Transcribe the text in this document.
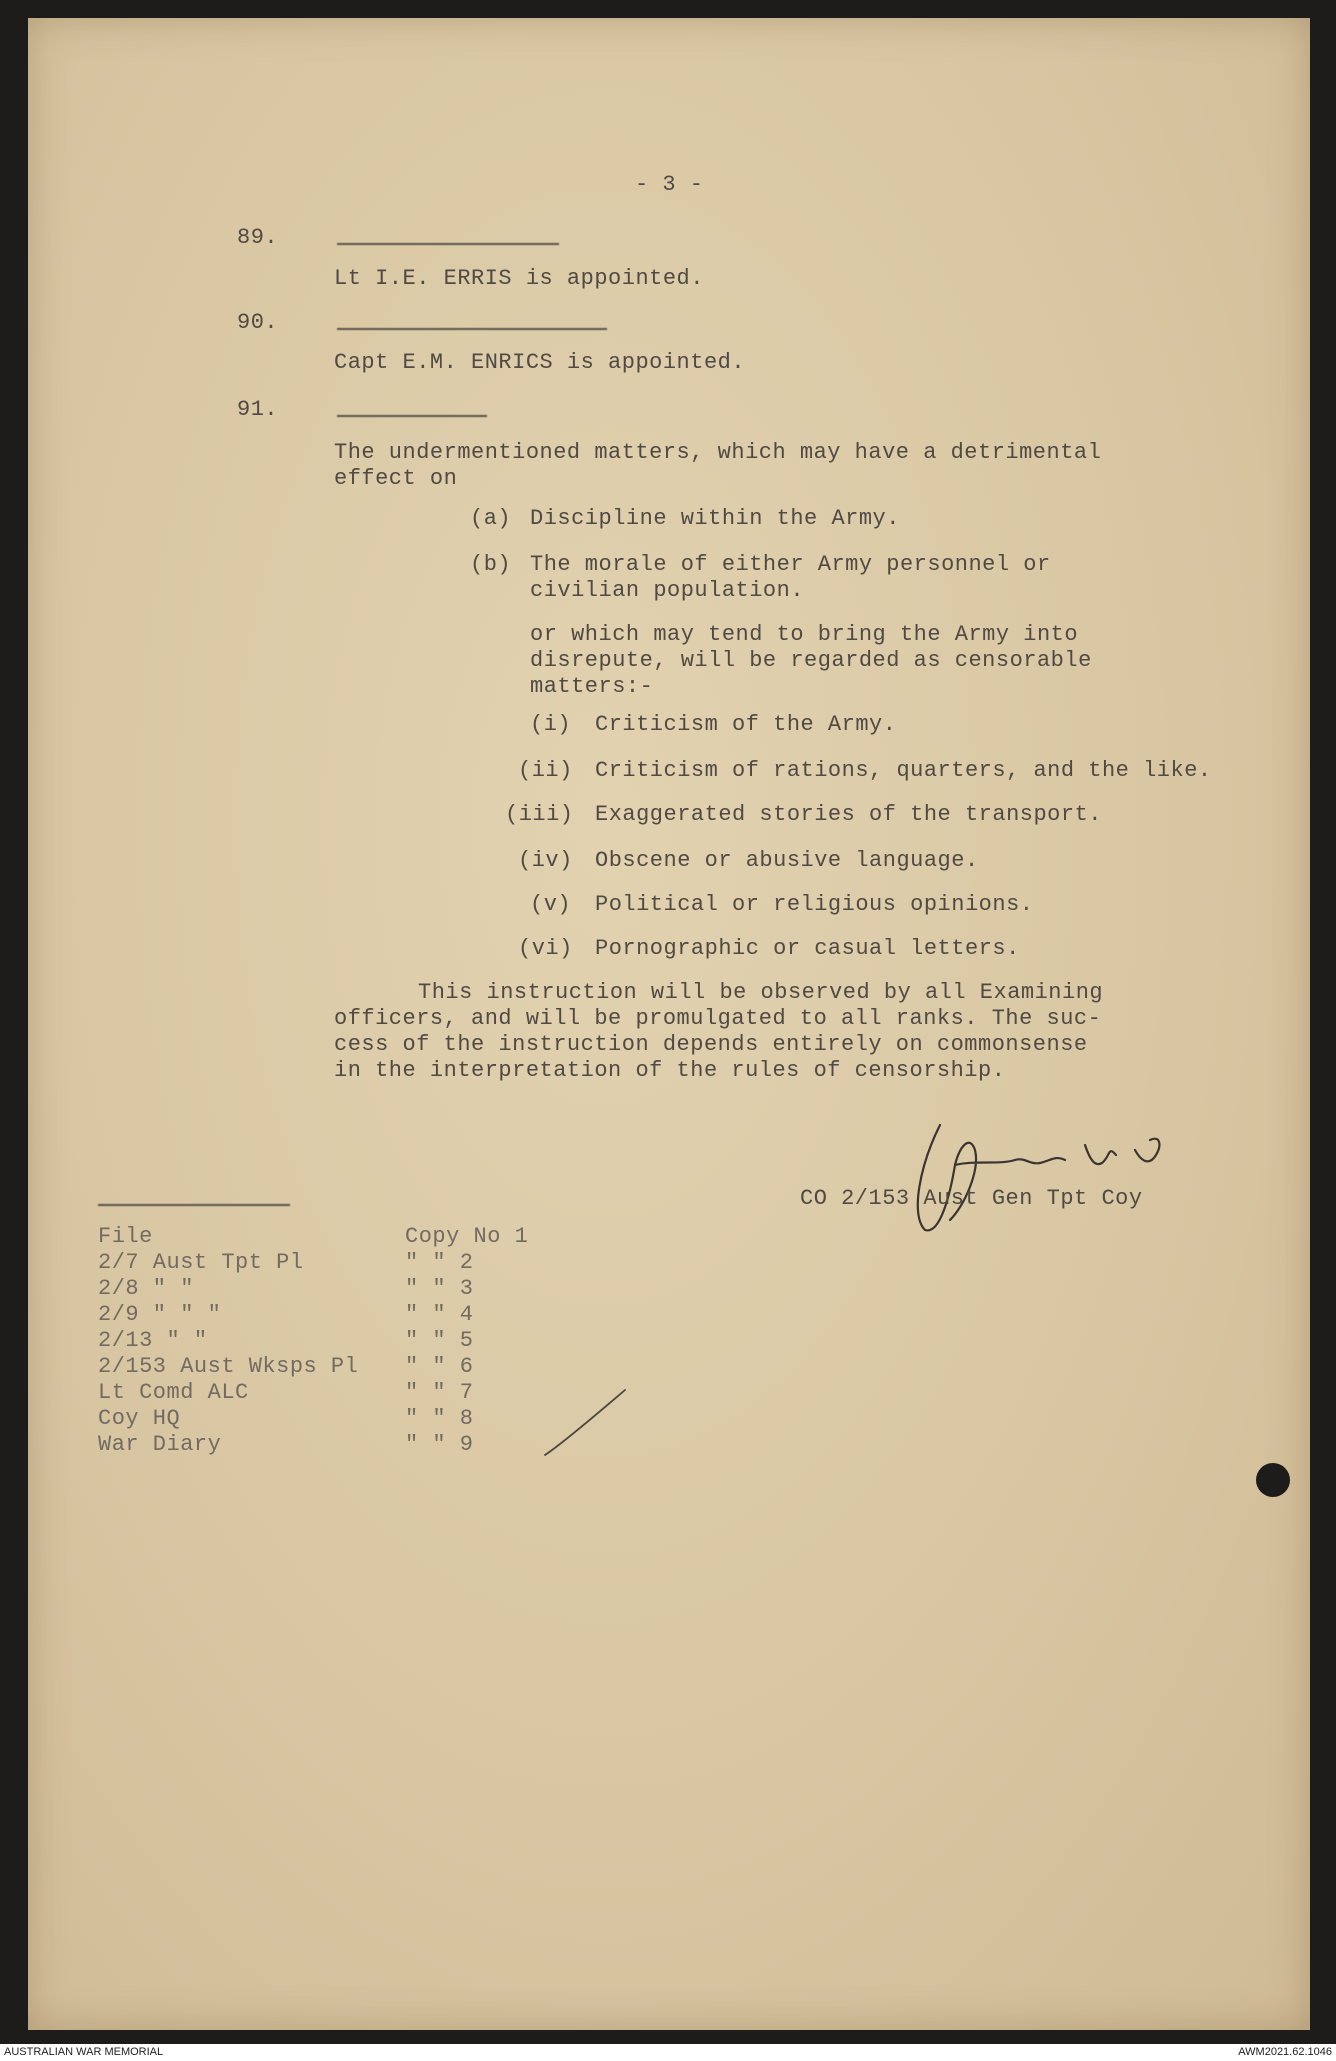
- 3 -
89.
Lt I.E. ERRIS is appointed.
90.
Capt E.M. ENRICS is appointed.
91.
The undermentioned matters, which may have a detrimental
effect on
(a) Discipline within the Army.
(b) The morale of either Army personnel or
civilian population.
or which may tend to bring the Army into
disrepute, will be regarded as censorable
matters:-
(i) Criticism of the Army.
(ii) Criticism of rations, quarters, and the like.
(iii) Exaggerated stories of the transport.
(iv) Obscene or abusive language.
(v) Political or religious opinions.
(vi) Pornographic or casual letters.
This instruction will be observed by all Examining
officers, and will be promulgated to all ranks. The suc-
cess of the instruction depends entirely on commonsense
in the interpretation of the rules of censorship.
CO 2/153 Aust Gen Tpt Coy
File	Copy No 1
2/7 Aust Tpt Pl	" " 2
2/8 " "	" " 3
2/9 " " "	" " 4
2/13 " "	" " 5
2/153 Aust Wksps Pl " " 6
Lt Comd ALC	" " 7
Coy HQ	" " 8
War Diary	" " 9
AUSTRALIAN WAR MEMORIAL	AWM2021.62.1046
